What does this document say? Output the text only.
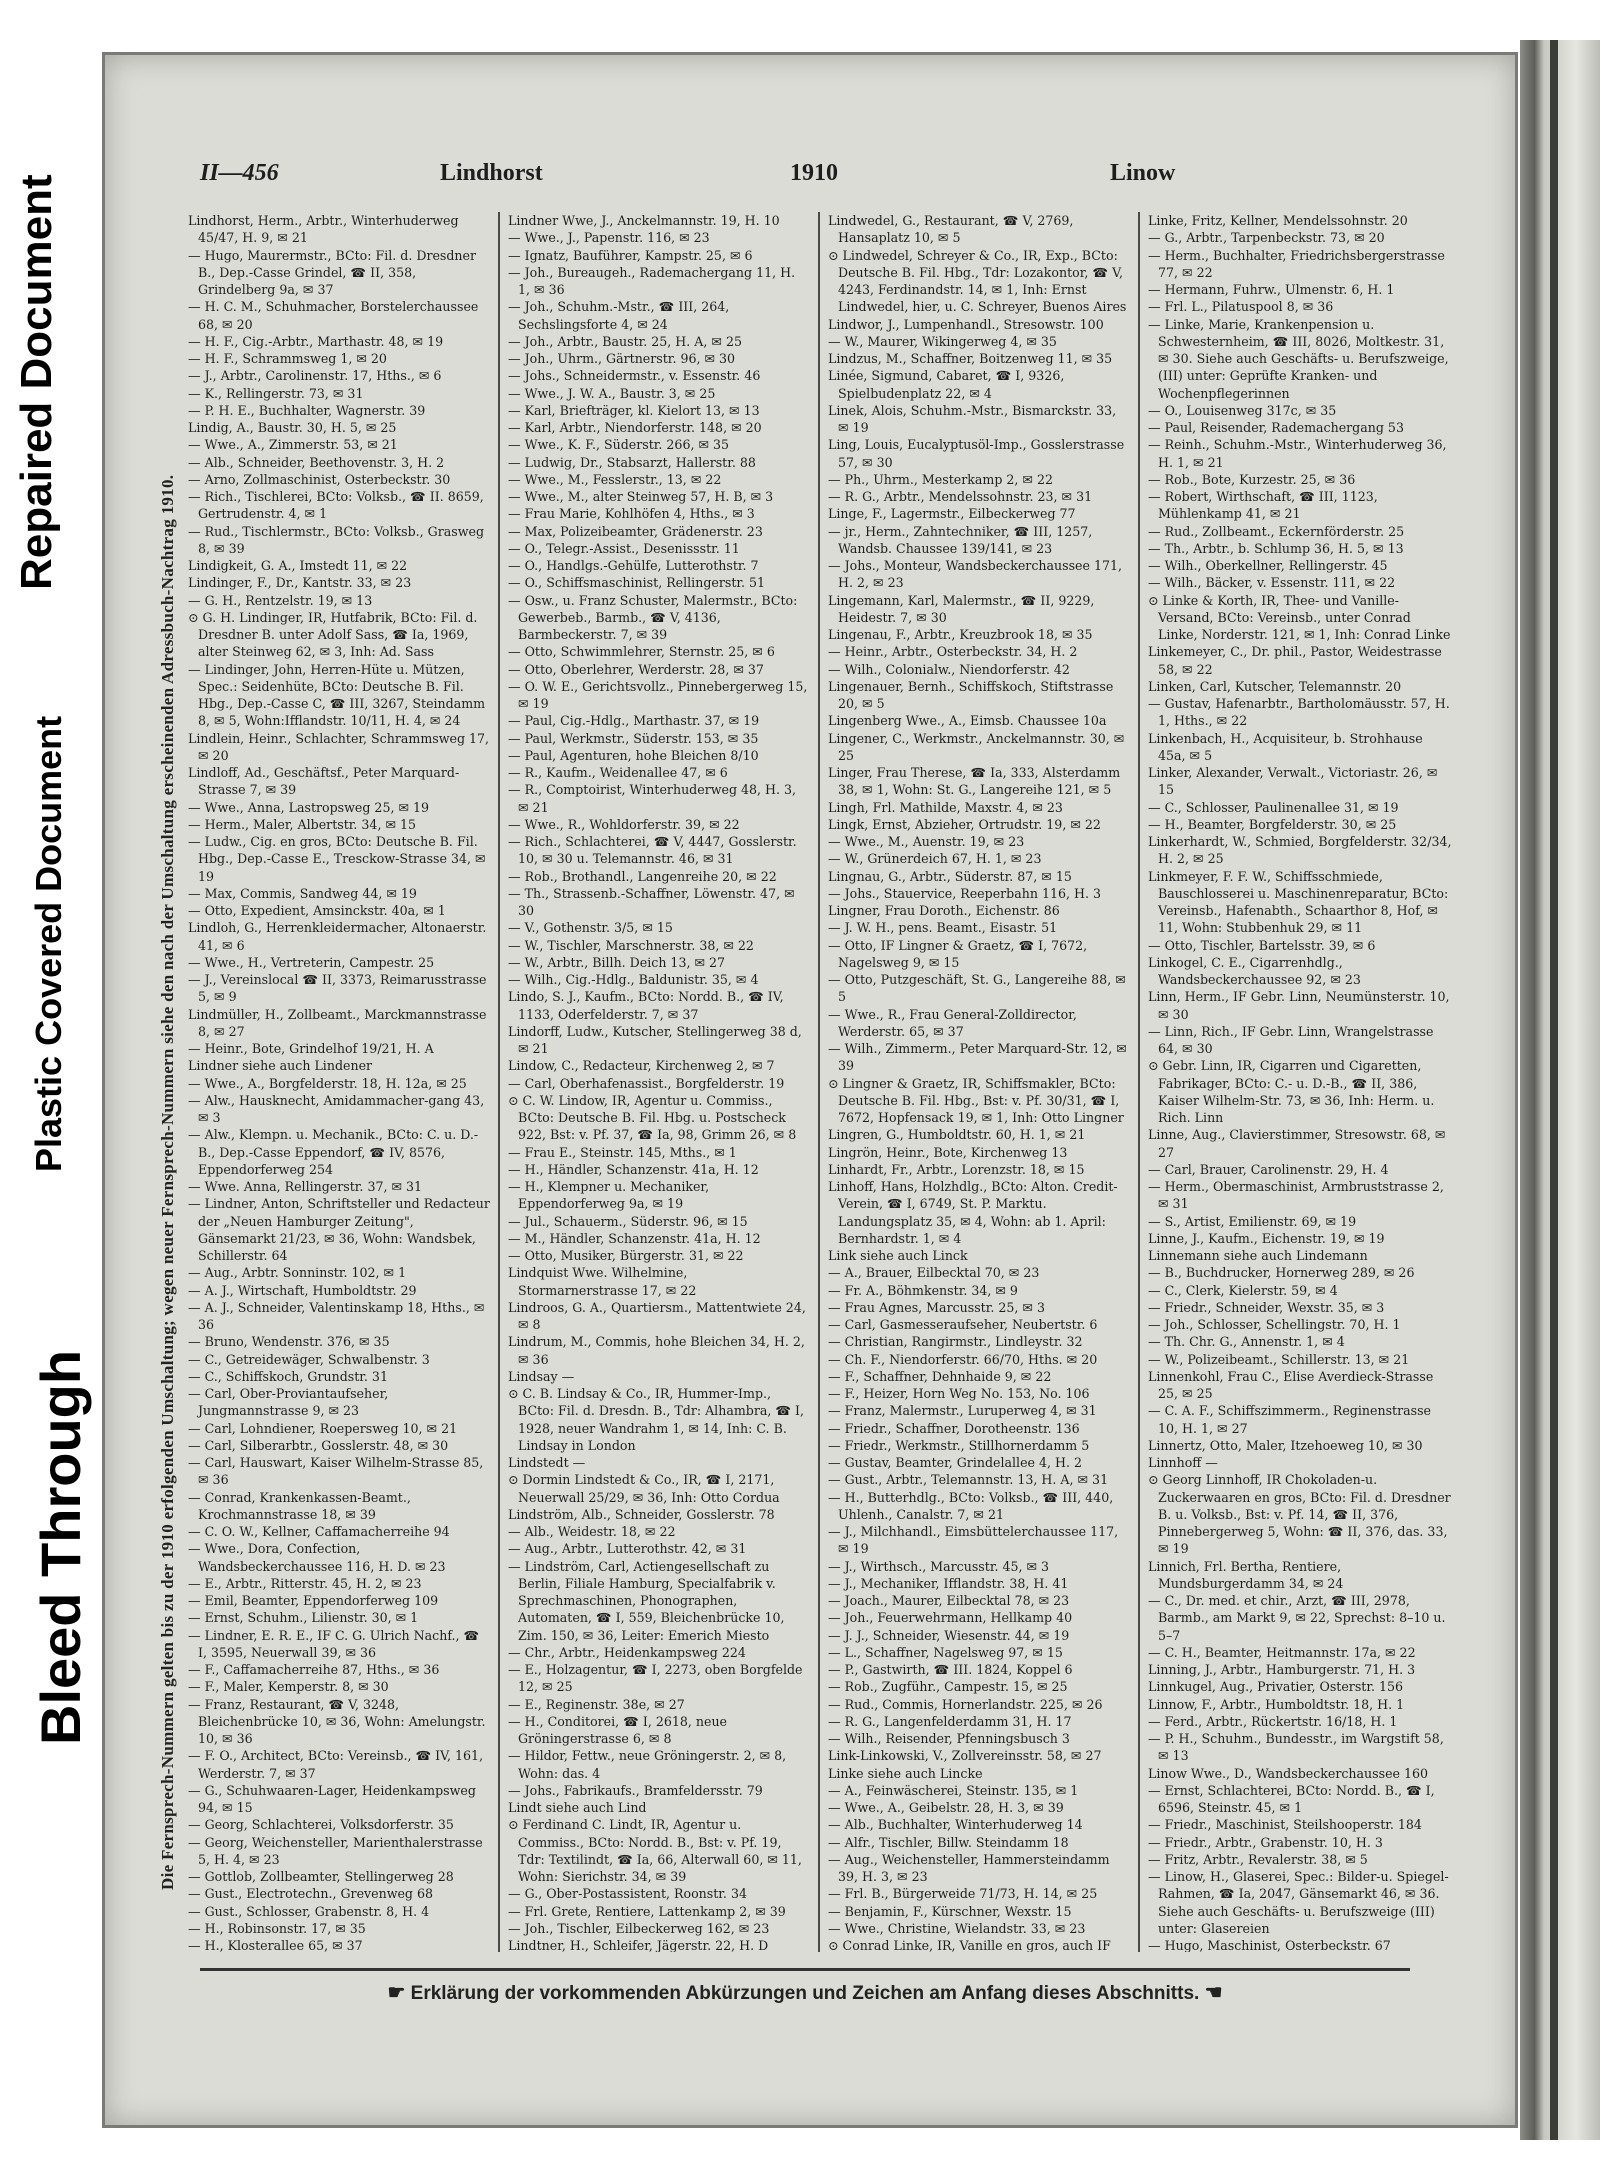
Repaired Document
Plastic Covered Document
Bleed Through	Die Fernsprech-Nummern gelten bis zu der 1910 erfolgenden Umschaltung; wegen neuer Fernsprech-Nummern siehe den nach der Umschaltung erscheinenden Adressbuch-Nachtrag 1910.
II—456	Lindhorst	1910	Linow

Lindhorst, Herm., Arbtr., Winterhuderweg 45/47, H. 9, ✉ 21

— Hugo, Maurermstr., BCto: Fil. d. Dresdner B., Dep.-Casse Grindel, ☎ II, 358, Grindelberg 9a, ✉ 37

— H. C. M., Schuhmacher, Borstelerchaussee 68, ✉ 20

— H. F., Cig.-Arbtr., Marthastr. 48, ✉ 19

— H. F., Schrammsweg 1, ✉ 20

— J., Arbtr., Carolinenstr. 17, Hths., ✉ 6

— K., Rellingerstr. 73, ✉ 31

— P. H. E., Buchhalter, Wagnerstr. 39

Lindig, A., Baustr. 30, H. 5, ✉ 25

— Wwe., A., Zimmerstr. 53, ✉ 21

— Alb., Schneider, Beethovenstr. 3, H. 2

— Arno, Zollmaschinist, Osterbeckstr. 30

— Rich., Tischlerei, BCto: Volksb., ☎ II. 8659, Gertrudenstr. 4, ✉ 1

— Rud., Tischlermstr., BCto: Volksb., Grasweg 8, ✉ 39

Lindigkeit, G. A., Imstedt 11, ✉ 22

Lindinger, F., Dr., Kantstr. 33, ✉ 23

— G. H., Rentzelstr. 19, ✉ 13

⊙ G. H. Lindinger, IR, Hutfabrik, BCto: Fil. d. Dresdner B. unter Adolf Sass, ☎ Ia, 1969, alter Steinweg 62, ✉ 3, Inh: Ad. Sass

— Lindinger, John, Herren-Hüte u. Mützen, Spec.: Seidenhüte, BCto: Deutsche B. Fil. Hbg., Dep.-Casse C, ☎ III, 3267, Steindamm 8, ✉ 5, Wohn:Ifflandstr. 10/11, H. 4, ✉ 24

Lindlein, Heinr., Schlachter, Schrammsweg 17, ✉ 20

Lindloff, Ad., Geschäftsf., Peter Marquard-Strasse 7, ✉ 39

— Wwe., Anna, Lastropsweg 25, ✉ 19

— Herm., Maler, Albertstr. 34, ✉ 15

— Ludw., Cig. en gros, BCto: Deutsche B. Fil. Hbg., Dep.-Casse E., Tresckow-Strasse 34, ✉ 19

— Max, Commis, Sandweg 44, ✉ 19

— Otto, Expedient, Amsinckstr. 40a, ✉ 1

Lindloh, G., Herrenkleidermacher, Altonaerstr. 41, ✉ 6

— Wwe., H., Vertreterin, Campestr. 25

— J., Vereinslocal ☎ II, 3373, Reimarusstrasse 5, ✉ 9

Lindmüller, H., Zollbeamt., Marckmannstrasse 8, ✉ 27

— Heinr., Bote, Grindelhof 19/21, H. A

Lindner siehe auch Lindener

— Wwe., A., Borgfelderstr. 18, H. 12a, ✉ 25

— Alw., Hausknecht, Amidammacher-gang 43, ✉ 3

— Alw., Klempn. u. Mechanik., BCto: C. u. D.-B., Dep.-Casse Eppendorf, ☎ IV, 8576, Eppendorferweg 254

— Wwe. Anna, Rellingerstr. 37, ✉ 31

— Lindner, Anton, Schriftsteller und Redacteur der „Neuen Hamburger Zeitung", Gänsemarkt 21/23, ✉ 36, Wohn: Wandsbek, Schillerstr. 64

— Aug., Arbtr. Sonninstr. 102, ✉ 1

— A. J., Wirtschaft, Humboldtstr. 29

— A. J., Schneider, Valentinskamp 18, Hths., ✉ 36

— Bruno, Wendenstr. 376, ✉ 35

— C., Getreidewäger, Schwalbenstr. 3

— C., Schiffskoch, Grundstr. 31

— Carl, Ober-Proviantaufseher, Jungmannstrasse 9, ✉ 23

— Carl, Lohndiener, Roepersweg 10, ✉ 21

— Carl, Silberarbtr., Gosslerstr. 48, ✉ 30

— Carl, Hauswart, Kaiser Wilhelm-Strasse 85, ✉ 36

— Conrad, Krankenkassen-Beamt., Krochmannstrasse 18, ✉ 39

— C. O. W., Kellner, Caffamacherreihe 94

— Wwe., Dora, Confection, Wandsbeckerchaussee 116, H. D. ✉ 23

— E., Arbtr., Ritterstr. 45, H. 2, ✉ 23

— Emil, Beamter, Eppendorferweg 109

— Ernst, Schuhm., Lilienstr. 30, ✉ 1

— Lindner, E. R. E., IF C. G. Ulrich Nachf., ☎ I, 3595, Neuerwall 39, ✉ 36

— F., Caffamacherreihe 87, Hths., ✉ 36

— F., Maler, Kemperstr. 8, ✉ 30

— Franz, Restaurant, ☎ V, 3248, Bleichenbrücke 10, ✉ 36, Wohn: Amelungstr. 10, ✉ 36

— F. O., Architect, BCto: Vereinsb., ☎ IV, 161, Werderstr. 7, ✉ 37

— G., Schuhwaaren-Lager, Heidenkampsweg 94, ✉ 15

— Georg, Schlachterei, Volksdorferstr. 35

— Georg, Weichensteller, Marienthalerstrasse 5, H. 4, ✉ 23

— Gottlob, Zollbeamter, Stellingerweg 28

— Gust., Electrotechn., Grevenweg 68

— Gust., Schlosser, Grabenstr. 8, H. 4

— H., Robinsonstr. 17, ✉ 35

— H., Klosterallee 65, ✉ 37

Lindner Wwe, J., Anckelmannstr. 19, H. 10

— Wwe., J., Papenstr. 116, ✉ 23

— Ignatz, Bauführer, Kampstr. 25, ✉ 6

— Joh., Bureaugeh., Rademachergang 11, H. 1, ✉ 36

— Joh., Schuhm.-Mstr., ☎ III, 264, Sechslingsforte 4, ✉ 24

— Joh., Arbtr., Baustr. 25, H. A, ✉ 25

— Joh., Uhrm., Gärtnerstr. 96, ✉ 30

— Johs., Schneidermstr., v. Essenstr. 46

— Wwe., J. W. A., Baustr. 3, ✉ 25

— Karl, Briefträger, kl. Kielort 13, ✉ 13

— Karl, Arbtr., Niendorferstr. 148, ✉ 20

— Wwe., K. F., Süderstr. 266, ✉ 35

— Ludwig, Dr., Stabsarzt, Hallerstr. 88

— Wwe., M., Fesslerstr., 13, ✉ 22

— Wwe., M., alter Steinweg 57, H. B, ✉ 3

— Frau Marie, Kohlhöfen 4, Hths., ✉ 3

— Max, Polizeibeamter, Grädenerstr. 23

— O., Telegr.-Assist., Desenissstr. 11

— O., Handlgs.-Gehülfe, Lutterothstr. 7

— O., Schiffsmaschinist, Rellingerstr. 51

— Osw., u. Franz Schuster, Malermstr., BCto: Gewerbeb., Barmb., ☎ V, 4136, Barmbeckerstr. 7, ✉ 39

— Otto, Schwimmlehrer, Sternstr. 25, ✉ 6

— Otto, Oberlehrer, Werderstr. 28, ✉ 37

— O. W. E., Gerichtsvollz., Pinnebergerweg 15, ✉ 19

— Paul, Cig.-Hdlg., Marthastr. 37, ✉ 19

— Paul, Werkmstr., Süderstr. 153, ✉ 35

— Paul, Agenturen, hohe Bleichen 8/10

— R., Kaufm., Weidenallee 47, ✉ 6

— R., Comptoirist, Winterhuderweg 48, H. 3, ✉ 21

— Wwe., R., Wohldorferstr. 39, ✉ 22

— Rich., Schlachterei, ☎ V, 4447, Gosslerstr. 10, ✉ 30 u. Telemannstr. 46, ✉ 31

— Rob., Brothandl., Langenreihe 20, ✉ 22

— Th., Strassenb.-Schaffner, Löwenstr. 47, ✉ 30

— V., Gothenstr. 3/5, ✉ 15

— W., Tischler, Marschnerstr. 38, ✉ 22

— W., Arbtr., Billh. Deich 13, ✉ 27

— Wilh., Cig.-Hdlg., Baldunistr. 35, ✉ 4

Lindo, S. J., Kaufm., BCto: Nordd. B., ☎ IV, 1133, Oderfelderstr. 7, ✉ 37

Lindorff, Ludw., Kutscher, Stellingerweg 38 d, ✉ 21

Lindow, C., Redacteur, Kirchenweg 2, ✉ 7

— Carl, Oberhafenassist., Borgfelderstr. 19

⊙ C. W. Lindow, IR, Agentur u. Commiss., BCto: Deutsche B. Fil. Hbg. u. Postscheck 922, Bst: v. Pf. 37, ☎ Ia, 98, Grimm 26, ✉ 8

— Frau E., Steinstr. 145, Mths., ✉ 1

— H., Händler, Schanzenstr. 41a, H. 12

— H., Klempner u. Mechaniker, Eppendorferweg 9a, ✉ 19

— Jul., Schauerm., Süderstr. 96, ✉ 15

— M., Händler, Schanzenstr. 41a, H. 12

— Otto, Musiker, Bürgerstr. 31, ✉ 22

Lindquist Wwe. Wilhelmine, Stormarnerstrasse 17, ✉ 22

Lindroos, G. A., Quartiersm., Mattentwiete 24, ✉ 8

Lindrum, M., Commis, hohe Bleichen 34, H. 2, ✉ 36

Lindsay —

⊙ C. B. Lindsay & Co., IR, Hummer-Imp., BCto: Fil. d. Dresdn. B., Tdr: Alhambra, ☎ I, 1928, neuer Wandrahm 1, ✉ 14, Inh: C. B. Lindsay in London

Lindstedt —

⊙ Dormin Lindstedt & Co., IR, ☎ I, 2171, Neuerwall 25/29, ✉ 36, Inh: Otto Cordua

Lindström, Alb., Schneider, Gosslerstr. 78

— Alb., Weidestr. 18, ✉ 22

— Aug., Arbtr., Lutterothstr. 42, ✉ 31

— Lindström, Carl, Actiengesellschaft zu Berlin, Filiale Hamburg, Specialfabrik v. Sprechmaschinen, Phonographen, Automaten, ☎ I, 559, Bleichenbrücke 10, Zim. 150, ✉ 36, Leiter: Emerich Miesto

— Chr., Arbtr., Heidenkampsweg 224

— E., Holzagentur, ☎ I, 2273, oben Borgfelde 12, ✉ 25

— E., Reginenstr. 38e, ✉ 27

— H., Conditorei, ☎ I, 2618, neue Gröningerstrasse 6, ✉ 8

— Hildor, Fettw., neue Gröningerstr. 2, ✉ 8, Wohn: das. 4

— Johs., Fabrikaufs., Bramfeldersstr. 79

Lindt siehe auch Lind

⊙ Ferdinand C. Lindt, IR, Agentur u. Commiss., BCto: Nordd. B., Bst: v. Pf. 19, Tdr: Textilindt, ☎ Ia, 66, Alterwall 60, ✉ 11, Wohn: Sierichstr. 34, ✉ 39

— G., Ober-Postassistent, Roonstr. 34

— Frl. Grete, Rentiere, Lattenkamp 2, ✉ 39

— Joh., Tischler, Eilbeckerweg 162, ✉ 23

Lindtner, H., Schleifer, Jägerstr. 22, H. D

Lindwedel, G., Restaurant, ☎ V, 2769, Hansaplatz 10, ✉ 5

⊙ Lindwedel, Schreyer & Co., IR, Exp., BCto: Deutsche B. Fil. Hbg., Tdr: Lozakontor, ☎ V, 4243, Ferdinandstr. 14, ✉ 1, Inh: Ernst Lindwedel, hier, u. C. Schreyer, Buenos Aires

Lindwor, J., Lumpenhandl., Stresowstr. 100

— W., Maurer, Wikingerweg 4, ✉ 35

Lindzus, M., Schaffner, Boitzenweg 11, ✉ 35

Linée, Sigmund, Cabaret, ☎ I, 9326, Spielbudenplatz 22, ✉ 4

Linek, Alois, Schuhm.-Mstr., Bismarckstr. 33, ✉ 19

Ling, Louis, Eucalyptusöl-Imp., Gosslerstrasse 57, ✉ 30

— Ph., Uhrm., Mesterkamp 2, ✉ 22

— R. G., Arbtr., Mendelssohnstr. 23, ✉ 31

Linge, F., Lagermstr., Eilbeckerweg 77

— jr., Herm., Zahntechniker, ☎ III, 1257, Wandsb. Chaussee 139/141, ✉ 23

— Johs., Monteur, Wandsbeckerchaussee 171, H. 2, ✉ 23

Lingemann, Karl, Malermstr., ☎ II, 9229, Heidestr. 7, ✉ 30

Lingenau, F., Arbtr., Kreuzbrook 18, ✉ 35

— Heinr., Arbtr., Osterbeckstr. 34, H. 2

— Wilh., Colonialw., Niendorferstr. 42

Lingenauer, Bernh., Schiffskoch, Stiftstrasse 20, ✉ 5

Lingenberg Wwe., A., Eimsb. Chaussee 10a

Lingener, C., Werkmstr., Anckelmannstr. 30, ✉ 25

Linger, Frau Therese, ☎ Ia, 333, Alsterdamm 38, ✉ 1, Wohn: St. G., Langereihe 121, ✉ 5

Lingh, Frl. Mathilde, Maxstr. 4, ✉ 23

Lingk, Ernst, Abzieher, Ortrudstr. 19, ✉ 22

— Wwe., M., Auenstr. 19, ✉ 23

— W., Grünerdeich 67, H. 1, ✉ 23

Lingnau, G., Arbtr., Süderstr. 87, ✉ 15

— Johs., Stauervice, Reeperbahn 116, H. 3

Lingner, Frau Doroth., Eichenstr. 86

— J. W. H., pens. Beamt., Eisastr. 51

— Otto, IF Lingner & Graetz, ☎ I, 7672, Nagelsweg 9, ✉ 15

— Otto, Putzgeschäft, St. G., Langereihe 88, ✉ 5

— Wwe., R., Frau General-Zolldirector, Werderstr. 65, ✉ 37

— Wilh., Zimmerm., Peter Marquard-Str. 12, ✉ 39

⊙ Lingner & Graetz, IR, Schiffsmakler, BCto: Deutsche B. Fil. Hbg., Bst: v. Pf. 30/31, ☎ I, 7672, Hopfensack 19, ✉ 1, Inh: Otto Lingner

Lingren, G., Humboldtstr. 60, H. 1, ✉ 21

Lingrön, Heinr., Bote, Kirchenweg 13

Linhardt, Fr., Arbtr., Lorenzstr. 18, ✉ 15

Linhoff, Hans, Holzhdlg., BCto: Alton. Credit-Verein, ☎ I, 6749, St. P. Marktu. Landungsplatz 35, ✉ 4, Wohn: ab 1. April: Bernhardstr. 1, ✉ 4

Link siehe auch Linck

— A., Brauer, Eilbecktal 70, ✉ 23

— Fr. A., Böhmkenstr. 34, ✉ 9

— Frau Agnes, Marcusstr. 25, ✉ 3

— Carl, Gasmesseraufseher, Neubertstr. 6

— Christian, Rangirmstr., Lindleystr. 32

— Ch. F., Niendorferstr. 66/70, Hths. ✉ 20

— F., Schaffner, Dehnhaide 9, ✉ 22

— F., Heizer, Horn Weg No. 153, No. 106

— Franz, Malermstr., Luruperweg 4, ✉ 31

— Friedr., Schaffner, Dorotheenstr. 136

— Friedr., Werkmstr., Stillhornerdamm 5

— Gustav, Beamter, Grindelallee 4, H. 2

— Gust., Arbtr., Telemannstr. 13, H. A, ✉ 31

— H., Butterhdlg., BCto: Volksb., ☎ III, 440, Uhlenh., Canalstr. 7, ✉ 21

— J., Milchhandl., Eimsbüttelerchaussee 117, ✉ 19

— J., Wirthsch., Marcusstr. 45, ✉ 3

— J., Mechaniker, Ifflandstr. 38, H. 41

— Joach., Maurer, Eilbecktal 78, ✉ 23

— Joh., Feuerwehrmann, Hellkamp 40

— J. J., Schneider, Wiesenstr. 44, ✉ 19

— L., Schaffner, Nagelsweg 97, ✉ 15

— P., Gastwirth, ☎ III. 1824, Koppel 6

— Rob., Zugführ., Campestr. 15, ✉ 25

— Rud., Commis, Hornerlandstr. 225, ✉ 26

— R. G., Langenfelderdamm 31, H. 17

— Wilh., Reisender, Pfenningsbusch 3

Link-Linkowski, V., Zollvereinsstr. 58, ✉ 27

Linke siehe auch Lincke

— A., Feinwäscherei, Steinstr. 135, ✉ 1

— Wwe., A., Geibelstr. 28, H. 3, ✉ 39

— Alb., Buchhalter, Winterhuderweg 14

— Alfr., Tischler, Billw. Steindamm 18

— Aug., Weichensteller, Hammersteindamm 39, H. 3, ✉ 23

— Frl. B., Bürgerweide 71/73, H. 14, ✉ 25

— Benjamin, F., Kürschner, Wexstr. 15

— Wwe., Christine, Wielandstr. 33, ✉ 23

⊙ Conrad Linke, IR, Vanille en gros, auch IF

Linke, Fritz, Kellner, Mendelssohnstr. 20

— G., Arbtr., Tarpenbeckstr. 73, ✉ 20

— Herm., Buchhalter, Friedrichsbergerstrasse 77, ✉ 22

— Hermann, Fuhrw., Ulmenstr. 6, H. 1

— Frl. L., Pilatuspool 8, ✉ 36

— Linke, Marie, Krankenpension u. Schwesternheim, ☎ III, 8026, Moltkestr. 31, ✉ 30. Siehe auch Geschäfts- u. Berufszweige, (III) unter: Geprüfte Kranken- und Wochenpflegerinnen

— O., Louisenweg 317c, ✉ 35

— Paul, Reisender, Rademachergang 53

— Reinh., Schuhm.-Mstr., Winterhuderweg 36, H. 1, ✉ 21

— Rob., Bote, Kurzestr. 25, ✉ 36

— Robert, Wirthschaft, ☎ III, 1123, Mühlenkamp 41, ✉ 21

— Rud., Zollbeamt., Eckernförderstr. 25

— Th., Arbtr., b. Schlump 36, H. 5, ✉ 13

— Wilh., Oberkellner, Rellingerstr. 45

— Wilh., Bäcker, v. Essenstr. 111, ✉ 22

⊙ Linke & Korth, IR, Thee- und Vanille-Versand, BCto: Vereinsb., unter Conrad Linke, Norderstr. 121, ✉ 1, Inh: Conrad Linke

Linkemeyer, C., Dr. phil., Pastor, Weidestrasse 58, ✉ 22

Linken, Carl, Kutscher, Telemannstr. 20

— Gustav, Hafenarbtr., Bartholomäusstr. 57, H. 1, Hths., ✉ 22

Linkenbach, H., Acquisiteur, b. Strohhause 45a, ✉ 5

Linker, Alexander, Verwalt., Victoriastr. 26, ✉ 15

— C., Schlosser, Paulinenallee 31, ✉ 19

— H., Beamter, Borgfelderstr. 30, ✉ 25

Linkerhardt, W., Schmied, Borgfelderstr. 32/34, H. 2, ✉ 25

Linkmeyer, F. F. W., Schiffsschmiede, Bauschlosserei u. Maschinenreparatur, BCto: Vereinsb., Hafenabth., Schaarthor 8, Hof, ✉ 11, Wohn: Stubbenhuk 29, ✉ 11

— Otto, Tischler, Bartelsstr. 39, ✉ 6

Linkogel, C. E., Cigarrenhdlg., Wandsbeckerchaussee 92, ✉ 23

Linn, Herm., IF Gebr. Linn, Neumünsterstr. 10, ✉ 30

— Linn, Rich., IF Gebr. Linn, Wrangelstrasse 64, ✉ 30

⊙ Gebr. Linn, IR, Cigarren und Cigaretten, Fabrikager, BCto: C.- u. D.-B., ☎ II, 386, Kaiser Wilhelm-Str. 73, ✉ 36, Inh: Herm. u. Rich. Linn

Linne, Aug., Clavierstimmer, Stresowstr. 68, ✉ 27

— Carl, Brauer, Carolinenstr. 29, H. 4

— Herm., Obermaschinist, Armbruststrasse 2, ✉ 31

— S., Artist, Emilienstr. 69, ✉ 19

Linne, J., Kaufm., Eichenstr. 19, ✉ 19

Linnemann siehe auch Lindemann

— B., Buchdrucker, Hornerweg 289, ✉ 26

— C., Clerk, Kielerstr. 59, ✉ 4

— Friedr., Schneider, Wexstr. 35, ✉ 3

— Joh., Schlosser, Schellingstr. 70, H. 1

— Th. Chr. G., Annenstr. 1, ✉ 4

— W., Polizeibeamt., Schillerstr. 13, ✉ 21

Linnenkohl, Frau C., Elise Averdieck-Strasse 25, ✉ 25

— C. A. F., Schiffszimmerm., Reginenstrasse 10, H. 1, ✉ 27

Linnertz, Otto, Maler, Itzehoeweg 10, ✉ 30

Linnhoff —

⊙ Georg Linnhoff, IR Chokoladen-u. Zuckerwaaren en gros, BCto: Fil. d. Dresdner B. u. Volksb., Bst: v. Pf. 14, ☎ II, 376, Pinnebergerweg 5, Wohn: ☎ II, 376, das. 33, ✉ 19

Linnich, Frl. Bertha, Rentiere, Mundsburgerdamm 34, ✉ 24

— C., Dr. med. et chir., Arzt, ☎ III, 2978, Barmb., am Markt 9, ✉ 22, Sprechst: 8–10 u. 5–7

— C. H., Beamter, Heitmannstr. 17a, ✉ 22

Linning, J., Arbtr., Hamburgerstr. 71, H. 3

Linnkugel, Aug., Privatier, Osterstr. 156

Linnow, F., Arbtr., Humboldtstr. 18, H. 1

— Ferd., Arbtr., Rückertstr. 16/18, H. 1

— P. H., Schuhm., Bundesstr., im Wargstift 58, ✉ 13

Linow Wwe., D., Wandsbeckerchaussee 160

— Ernst, Schlachterei, BCto: Nordd. B., ☎ I, 6596, Steinstr. 45, ✉ 1

— Friedr., Maschinist, Steilshooperstr. 184

— Friedr., Arbtr., Grabenstr. 10, H. 3

— Fritz, Arbtr., Revalerstr. 38, ✉ 5

— Linow, H., Glaserei, Spec.: Bilder-u. Spiegel-Rahmen, ☎ Ia, 2047, Gänsemarkt 46, ✉ 36. Siehe auch Geschäfts- u. Berufszweige (III) unter: Glasereien

— Hugo, Maschinist, Osterbeckstr. 67

☛ Erklärung der vorkommenden Abkürzungen und Zeichen am Anfang dieses Abschnitts. ☚
